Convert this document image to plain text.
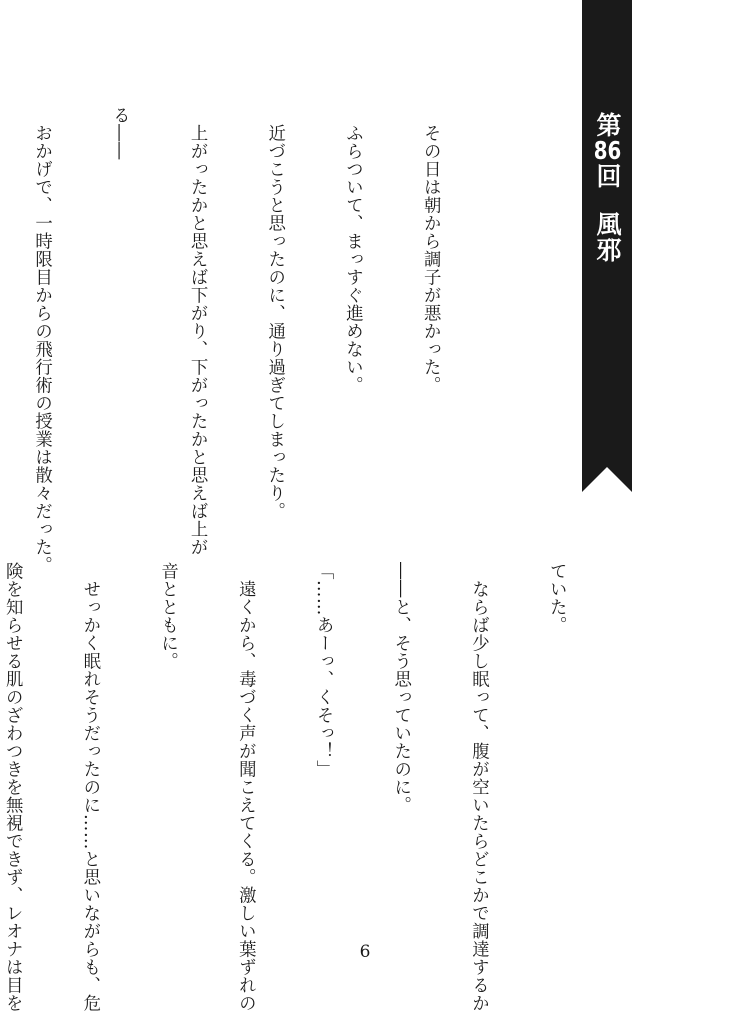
第
86
回
風邪

　その日は朝から調子が悪かった。

　ふらついて、まっすぐ進めない。

　近づこうと思ったのに、通り過ぎてしまったり。

　上がったかと思えば下がり、下がったかと思えば上が

る――

　おかげで、一時限目からの飛行術の授業は散々だった。

ていた。

　ならば少し眠って、腹が空いたらどこかで調達するか

――と、そう思っていたのに。

「……あーっ、くそっ！」

　遠くから、毒づく声が聞こえてくる。激しい葉ずれの

音とともに。

　せっかく眠れそうだったのに……と思いながらも、危

険を知らせる肌のざわつきを無視できず、レオナは目を

	6
